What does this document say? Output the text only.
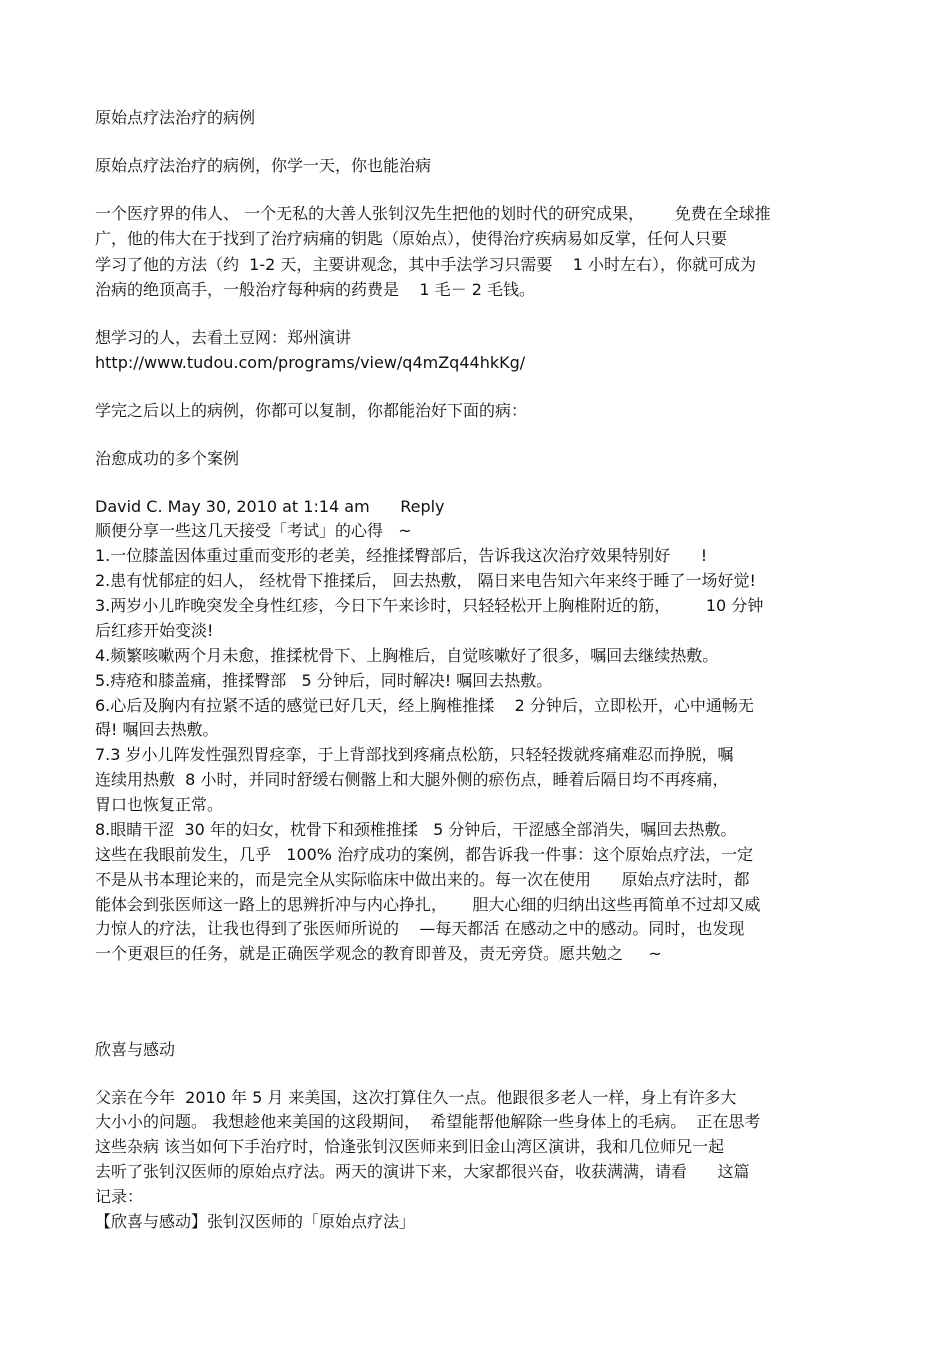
原始点疗法治疗的病例
原始点疗法治疗的病例，你学一天，你也能治病
一个医疗界的伟人、 一个无私的大善人张钊汉先生把他的划时代的研究成果，      免费在全球推
广，他的伟大在于找到了治疗病痛的钥匙（原始点），使得治疗疾病易如反掌，任何人只要
学习了他的方法（约  1-2 天，主要讲观念，其中手法学习只需要    1 小时左右），你就可成为
治病的绝顶高手，一般治疗每种病的药费是    1 毛－ 2 毛钱。
想学习的人，去看土豆网：郑州演讲
http://www.tudou.com/programs/view/q4mZq44hkKg/
学完之后以上的病例，你都可以复制，你都能治好下面的病：
治愈成功的多个案例
David C. May 30, 2010 at 1:14 am      Reply
顺便分享一些这几天接受「考试」的心得   ~
1.一位膝盖因体重过重而变形的老美，经推揉臀部后，告诉我这次治疗效果特别好      !
2.患有忧郁症的妇人， 经枕骨下推揉后， 回去热敷， 隔日来电告知六年来终于睡了一场好觉!
3.两岁小儿昨晚突发全身性红疹，今日下午来诊时，只轻轻松开上胸椎附近的筋，       10 分钟
后红疹开始变淡!
4.频繁咳嗽两个月未愈，推揉枕骨下、上胸椎后，自觉咳嗽好了很多，嘱回去继续热敷。
5.痔疮和膝盖痛，推揉臀部   5 分钟后，同时解决! 嘱回去热敷。
6.心后及胸内有拉紧不适的感觉已好几天，经上胸椎推揉    2 分钟后，立即松开，心中通畅无
碍! 嘱回去热敷。
7.3 岁小儿阵发性强烈胃痉挛，于上背部找到疼痛点松筋，只轻轻拨就疼痛难忍而挣脱，嘱
连续用热敷  8 小时，并同时舒缓右侧髂上和大腿外侧的瘀伤点，睡着后隔日均不再疼痛，
胃口也恢复正常。
8.眼睛干涩  30 年的妇女，枕骨下和颈椎推揉   5 分钟后，干涩感全部消失，嘱回去热敷。
这些在我眼前发生，几乎   100% 治疗成功的案例，都告诉我一件事：这个原始点疗法，一定
不是从书本理论来的，而是完全从实际临床中做出来的。每一次在使用      原始点疗法时，都
能体会到张医师这一路上的思辨折冲与内心挣扎，     胆大心细的归纳出这些再简单不过却又威
力惊人的疗法，让我也得到了张医师所说的    —每天都活 在感动之中的感动。同时，也发现
一个更艰巨的任务，就是正确医学观念的教育即普及，责无旁贷。愿共勉之     ~
欣喜与感动
父亲在今年  2010 年 5 月 来美国，这次打算住久一点。他跟很多老人一样，身上有许多大
大小小的问题。 我想趁他来美国的这段期间，  希望能帮他解除一些身体上的毛病。  正在思考
这些杂病 该当如何下手治疗时，恰逢张钊汉医师来到旧金山湾区演讲，我和几位师兄一起
去听了张钊汉医师的原始点疗法。两天的演讲下来，大家都很兴奋，收获满满，请看      这篇
记录：
【欣喜与感动】张钊汉医师的「原始点疗法」
